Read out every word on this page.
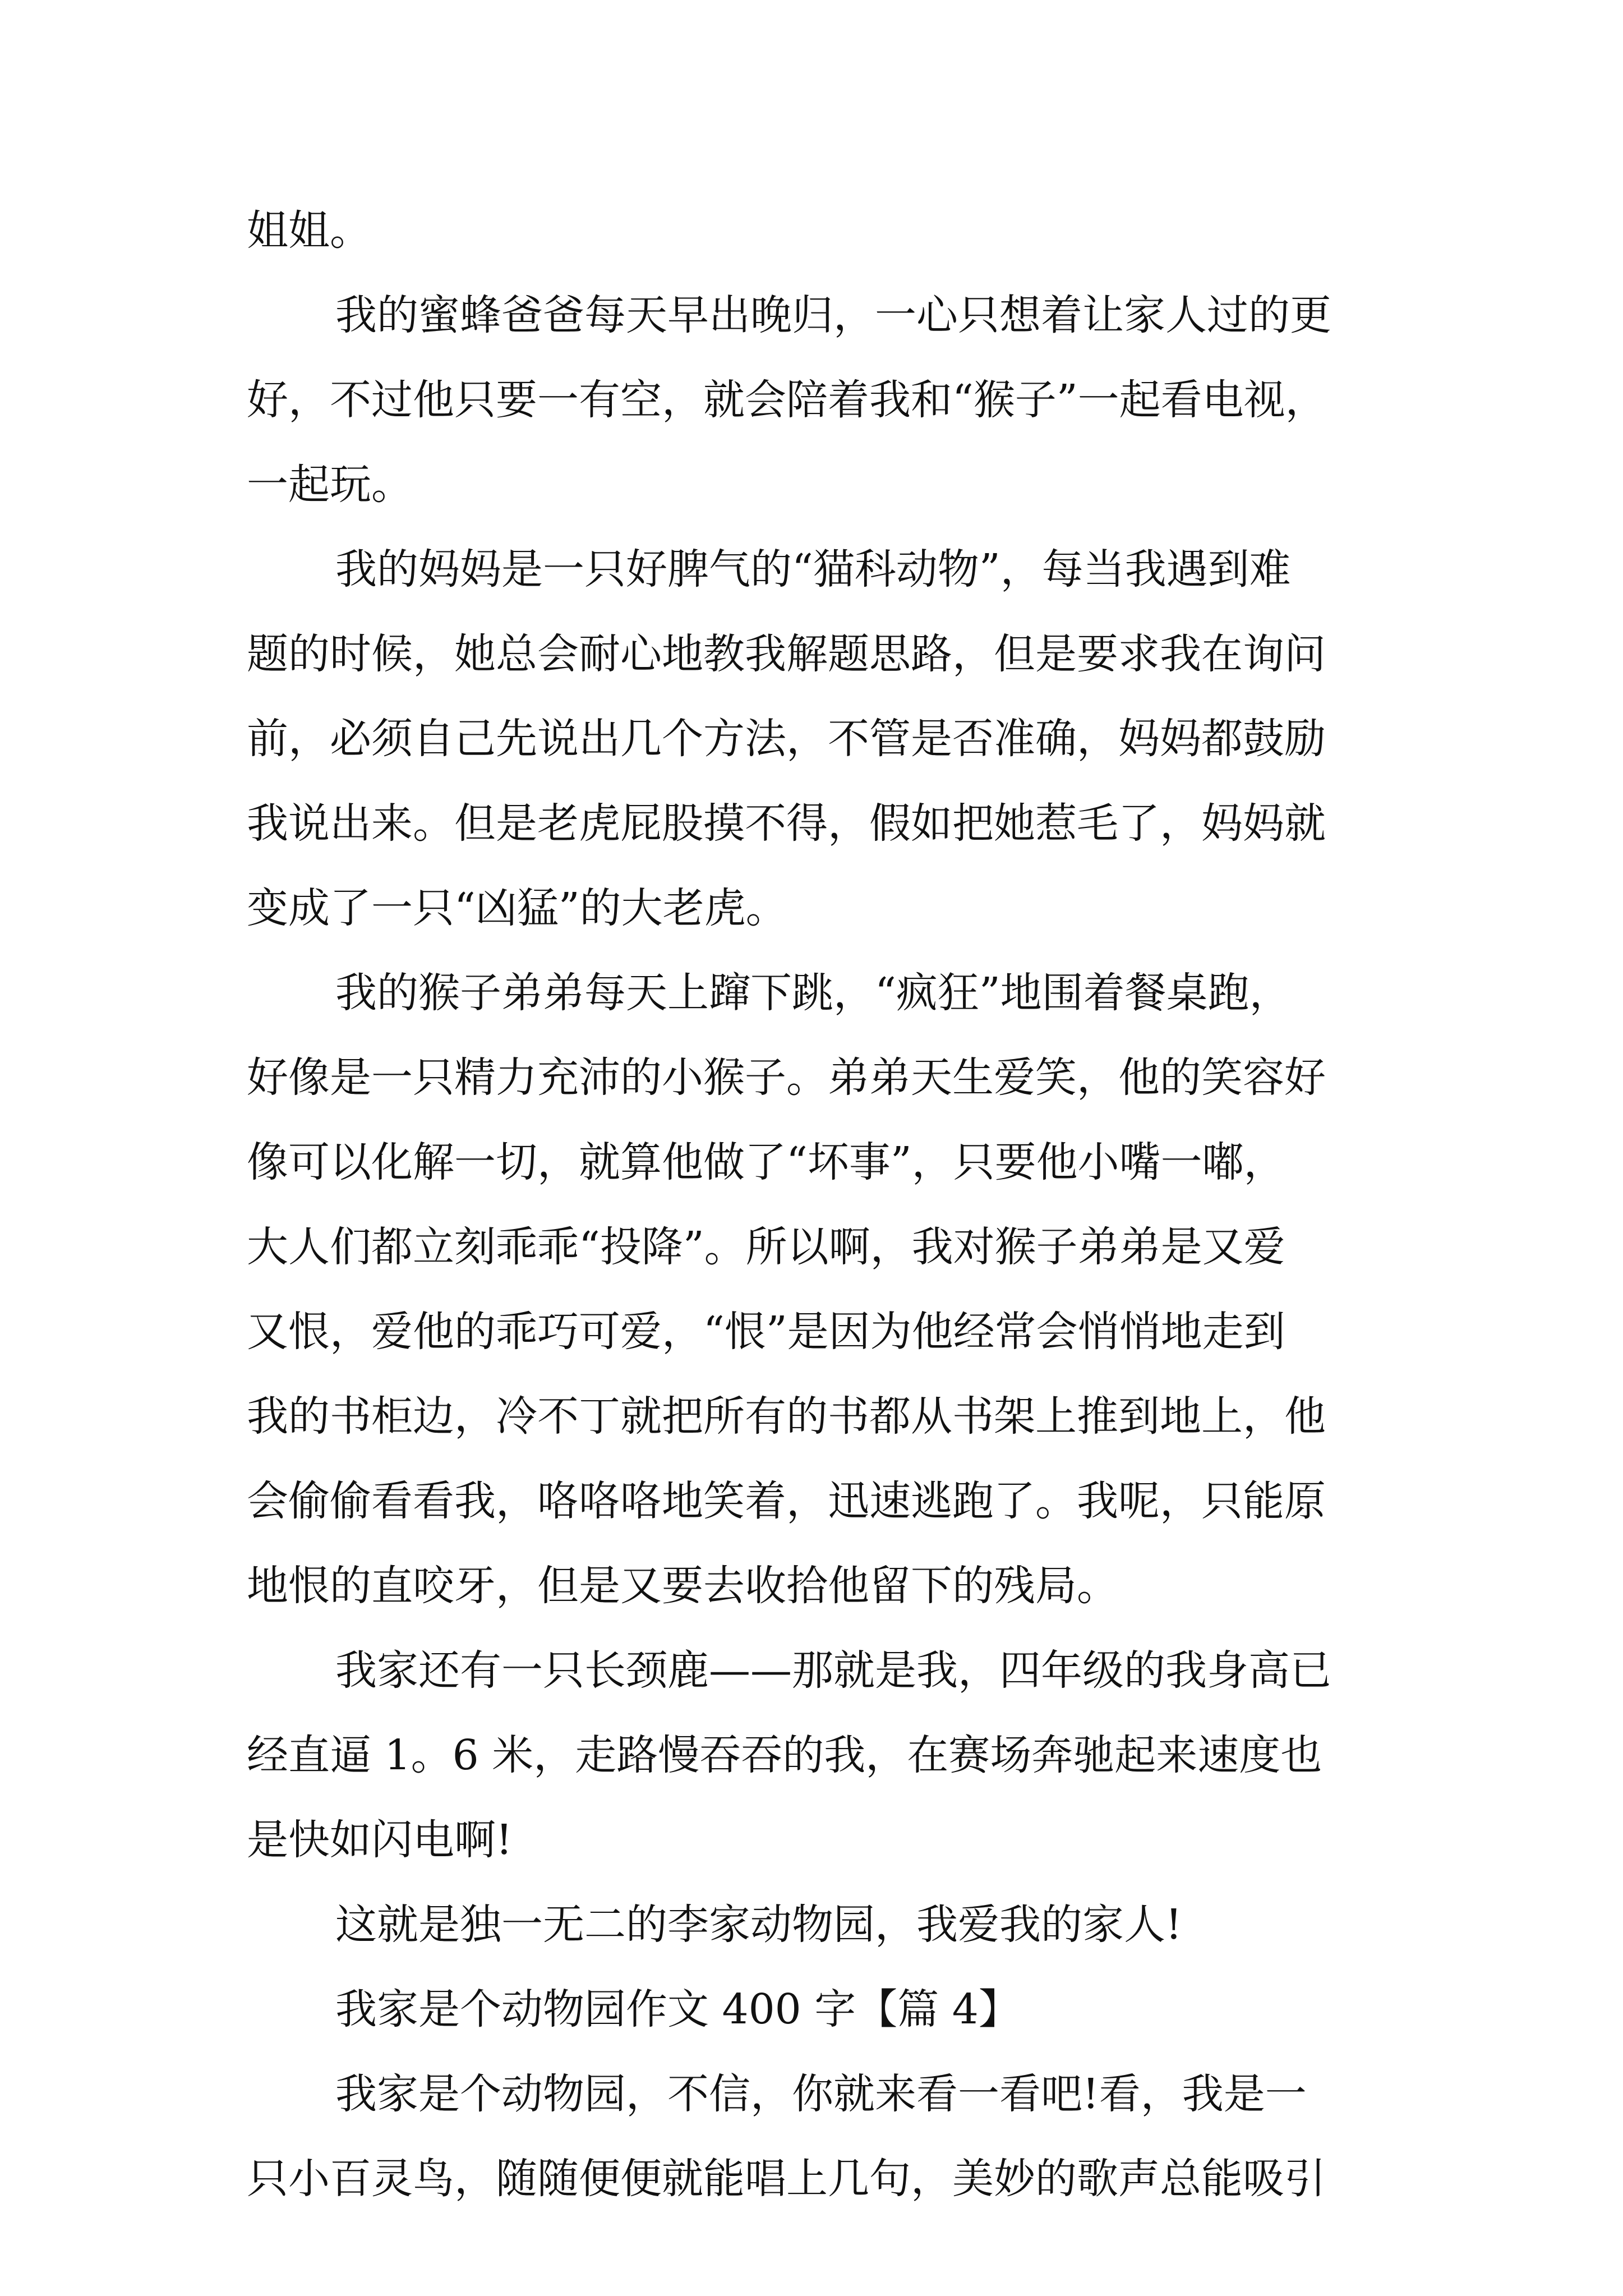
姐姐。
我的蜜蜂爸爸每天早出晚归，一心只想着让家人过的更
好，不过他只要一有空，就会陪着我和“猴子”一起看电视，
一起玩。
我的妈妈是一只好脾气的“猫科动物”，每当我遇到难
题的时候，她总会耐心地教我解题思路，但是要求我在询问
前，必须自己先说出几个方法，不管是否准确，妈妈都鼓励
我说出来。但是老虎屁股摸不得，假如把她惹毛了，妈妈就
变成了一只“凶猛”的大老虎。
我的猴子弟弟每天上蹿下跳，“疯狂”地围着餐桌跑，
好像是一只精力充沛的小猴子。弟弟天生爱笑，他的笑容好
像可以化解一切，就算他做了“坏事”，只要他小嘴一嘟，
大人们都立刻乖乖“投降”。所以啊，我对猴子弟弟是又爱
又恨，爱他的乖巧可爱，“恨”是因为他经常会悄悄地走到
我的书柜边，冷不丁就把所有的书都从书架上推到地上，他
会偷偷看看我，咯咯咯地笑着，迅速逃跑了。我呢，只能原
地恨的直咬牙，但是又要去收拾他留下的残局。
我家还有一只长颈鹿——那就是我，四年级的我身高已
经直逼 1。6 米，走路慢吞吞的我，在赛场奔驰起来速度也
是快如闪电啊!
这就是独一无二的李家动物园，我爱我的家人!
我家是个动物园作文 400 字【篇 4】
我家是个动物园，不信，你就来看一看吧!看，我是一
只小百灵鸟，随随便便就能唱上几句，美妙的歌声总能吸引
